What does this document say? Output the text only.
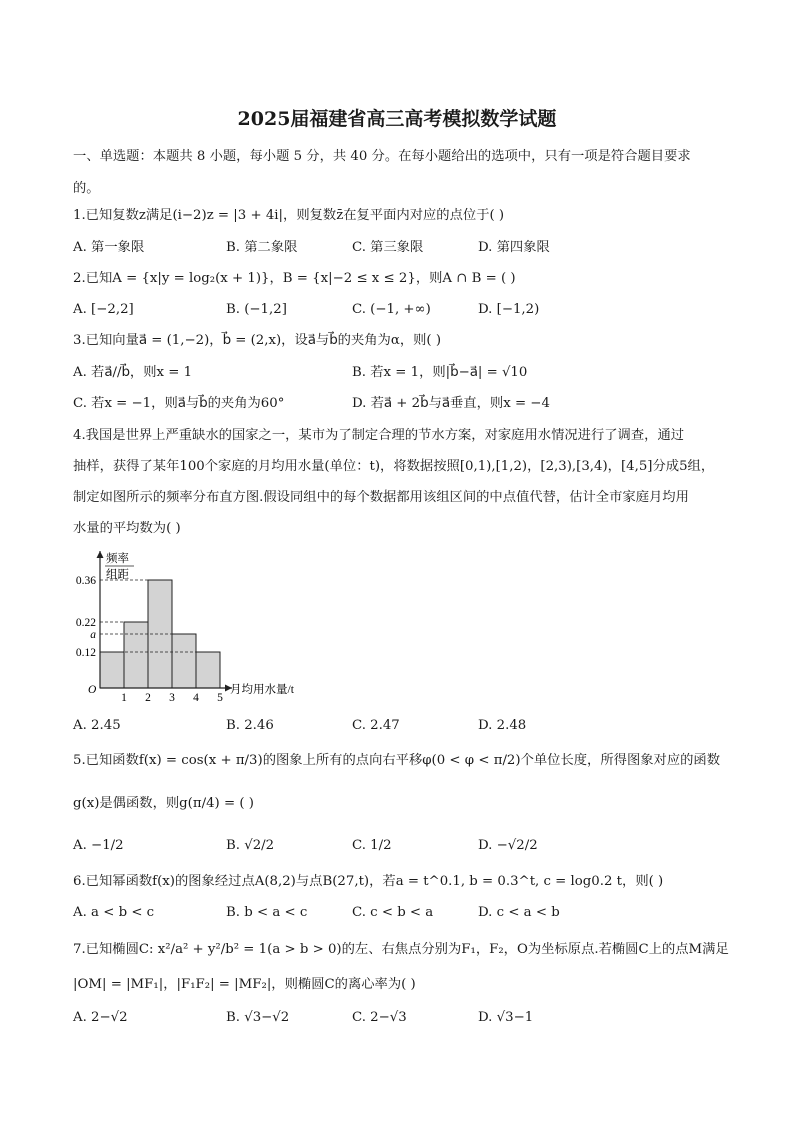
2025届福建省高三高考模拟数学试题
一、单选题：本题共 8 小题，每小题 5 分，共 40 分。在每小题给出的选项中，只有一项是符合题目要求
的。
1.已知复数z满足(i−2)z = |3 + 4i|，则复数z̄在复平面内对应的点位于( )
A. 第一象限	B. 第二象限	C. 第三象限	D. 第四象限
2.已知A = {x|y = log₂(x + 1)}，B = {x|−2 ≤ x ≤ 2}，则A ∩ B = ( )
A. [−2,2]	B. (−1,2]	C. (−1, +∞)	D. [−1,2)
3.已知向量a⃗ = (1,−2)，b⃗ = (2,x)，设a⃗与b⃗的夹角为α，则( )
A. 若a⃗//b⃗，则x = 1	B. 若x = 1，则|b⃗−a⃗| = √10
C. 若x = −1，则a⃗与b⃗的夹角为60°	D. 若a⃗ + 2b⃗与a⃗垂直，则x = −4
4.我国是世界上严重缺水的国家之一，某市为了制定合理的节水方案，对家庭用水情况进行了调查，通过
抽样，获得了某年100个家庭的月均用水量(单位：t)，将数据按照[0,1),[1,2)，[2,3),[3,4)，[4,5]分成5组，
制定如图所示的频率分布直方图.假设同组中的每个数据都用该组区间的中点值代替，估计全市家庭月均用
水量的平均数为( )
频率
组距
O	月均用水量/t
0.36
0.22
a
0.12
1 2 3 4 5
A. 2.45	B. 2.46	C. 2.47	D. 2.48
5.已知函数f(x) = cos(x + π/3)的图象上所有的点向右平移φ(0 < φ < π/2)个单位长度，所得图象对应的函数
g(x)是偶函数，则g(π/4) = ( )
A. −1/2	B. √2/2	C. 1/2	D. −√2/2
6.已知幂函数f(x)的图象经过点A(8,2)与点B(27,t)，若a = t^0.1, b = 0.3^t, c = log0.2 t，则( )
A. a < b < c	B. b < a < c	C. c < b < a	D. c < a < b
7.已知椭圆C: x²/a² + y²/b² = 1(a > b > 0)的左、右焦点分别为F₁，F₂，O为坐标原点.若椭圆C上的点M满足
|OM| = |MF₁|，|F₁F₂| = |MF₂|，则椭圆C的离心率为( )
A. 2−√2	B. √3−√2	C. 2−√3	D. √3−1
